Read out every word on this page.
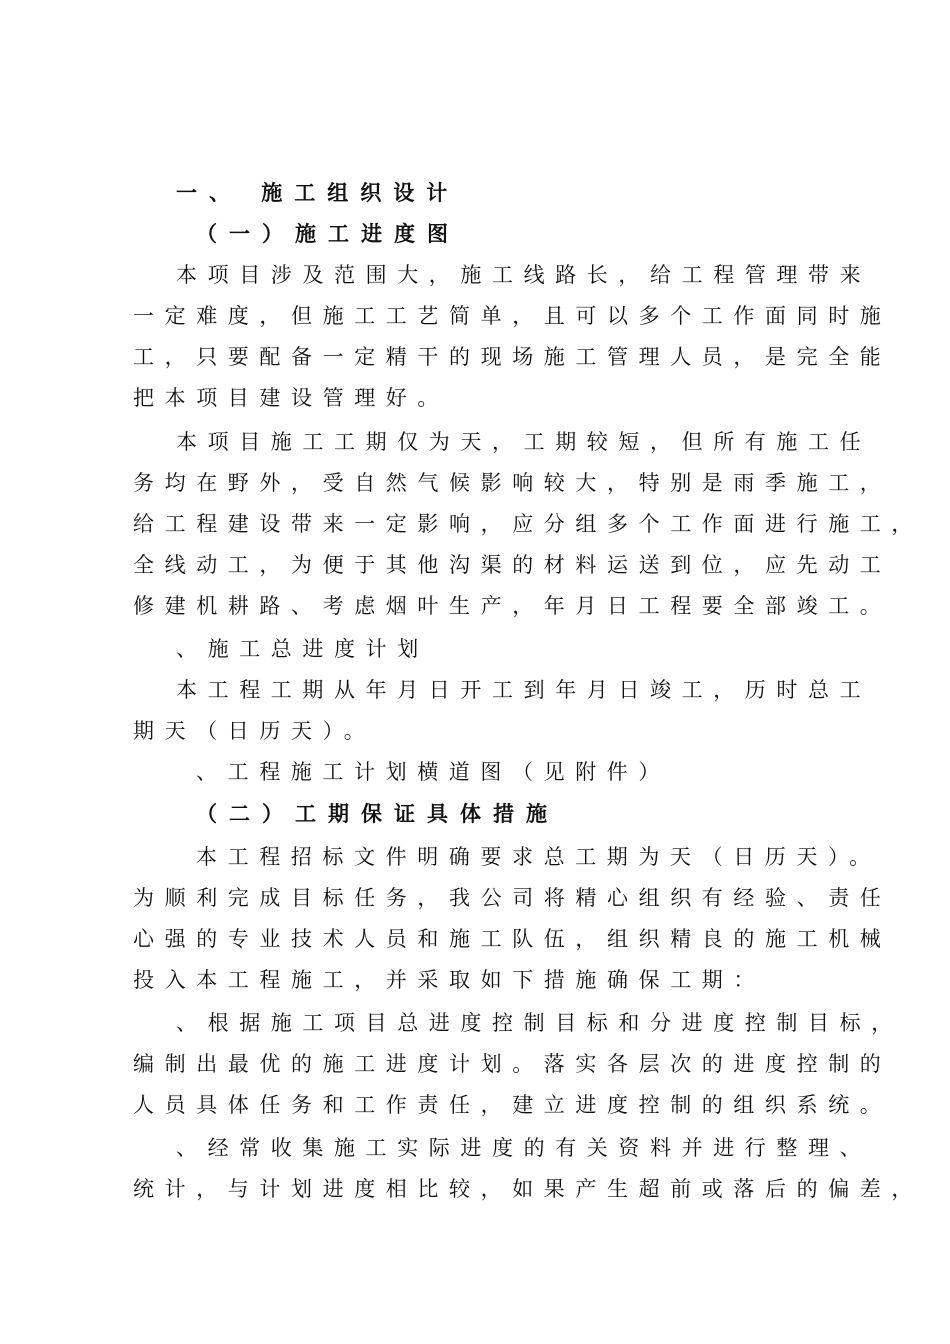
一、 施工组织设计
（一）施工进度图
本项目涉及范围大，施工线路长，给工程管理带来
一定难度，但施工工艺简单，且可以多个工作面同时施
工，只要配备一定精干的现场施工管理人员，是完全能
把本项目建设管理好。
本项目施工工期仅为天，工期较短，但所有施工任
务均在野外，受自然气候影响较大，特别是雨季施工，
给工程建设带来一定影响，应分组多个工作面进行施工，
全线动工，为便于其他沟渠的材料运送到位，应先动工
修建机耕路、考虑烟叶生产，年月日工程要全部竣工。
、施工总进度计划
本工程工期从年月日开工到年月日竣工，历时总工
期天（日历天）。
、工程施工计划横道图（见附件）
（二）工期保证具体措施
本工程招标文件明确要求总工期为天（日历天）。
为顺利完成目标任务，我公司将精心组织有经验、责任
心强的专业技术人员和施工队伍，组织精良的施工机械
投入本工程施工，并采取如下措施确保工期：
、根据施工项目总进度控制目标和分进度控制目标，
编制出最优的施工进度计划。落实各层次的进度控制的
人员具体任务和工作责任，建立进度控制的组织系统。
、经常收集施工实际进度的有关资料并进行整理、
统计，与计划进度相比较，如果产生超前或落后的偏差，
